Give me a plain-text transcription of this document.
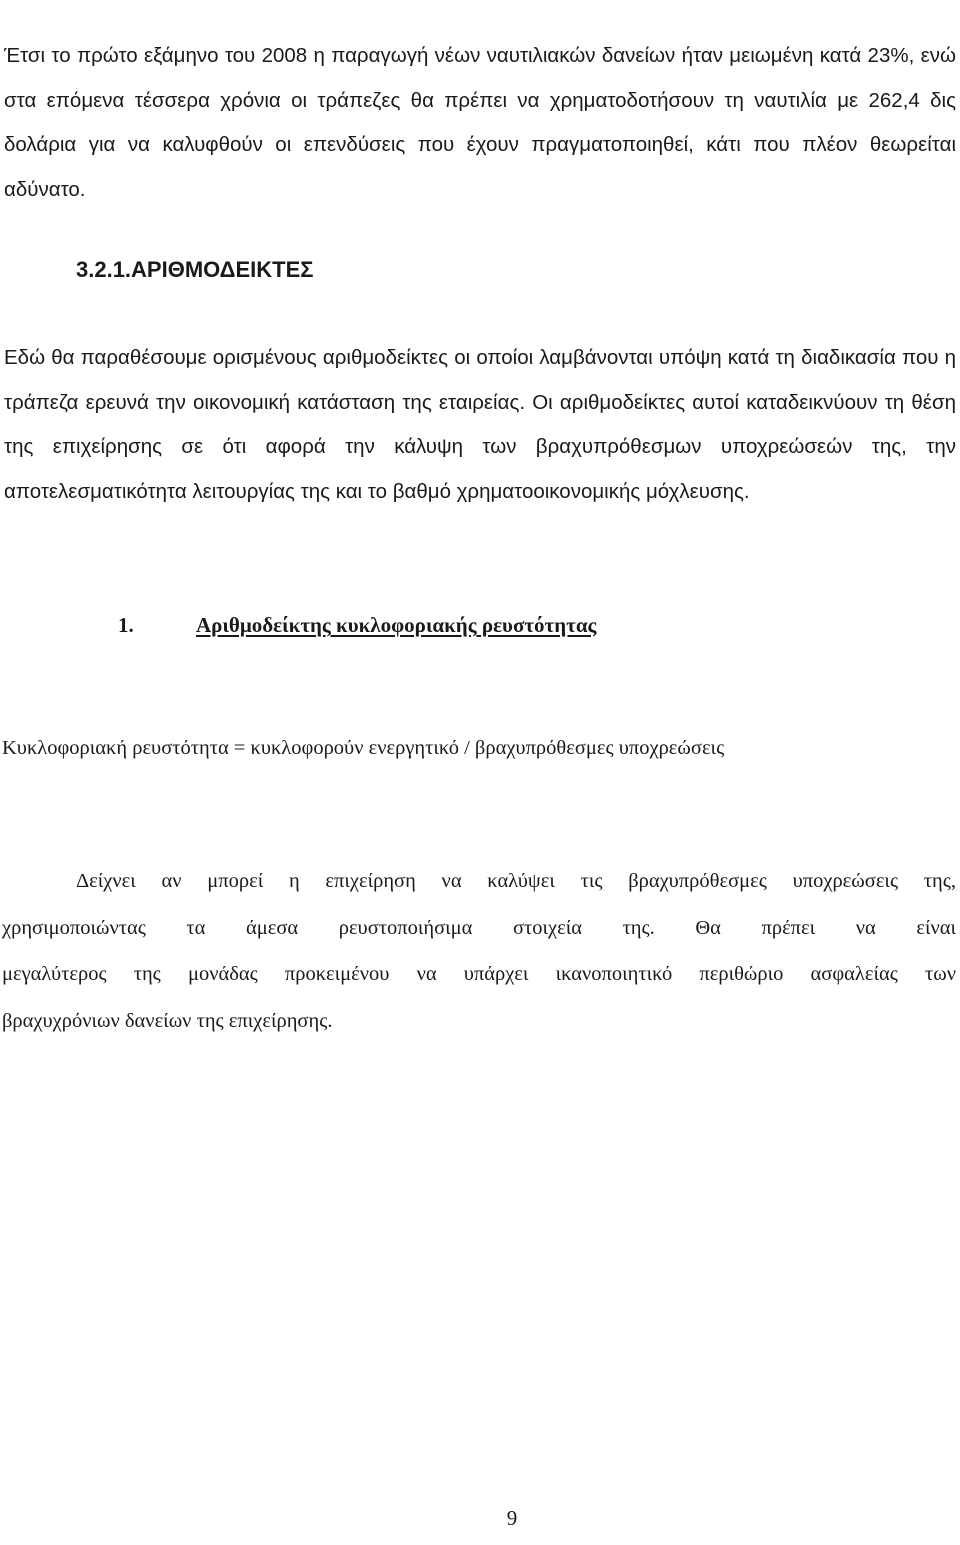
Έτσι το πρώτο εξάμηνο του 2008 η παραγωγή νέων ναυτιλιακών δανείων ήταν μειωμένη κατά 23%, ενώ στα επόμενα τέσσερα χρόνια οι τράπεζες θα πρέπει να χρηματοδοτήσουν τη ναυτιλία με 262,4 δις δολάρια για να καλυφθούν οι επενδύσεις που έχουν πραγματοποιηθεί, κάτι που πλέον θεωρείται αδύνατο.

3.2.1.ΑΡΙΘΜΟΔΕΙΚΤΕΣ

Εδώ θα παραθέσουμε ορισμένους αριθμοδείκτες οι οποίοι λαμβάνονται υπόψη κατά τη διαδικασία που η τράπεζα ερευνά την οικονομική κατάσταση της εταιρείας. Οι αριθμοδείκτες αυτοί καταδεικνύουν τη θέση της επιχείρησης σε ότι αφορά την κάλυψη των βραχυπρόθεσμων υποχρεώσεών της, την αποτελεσματικότητα λειτουργίας της και το βαθμό χρηματοοικονομικής μόχλευσης.

1.	Αριθμοδείκτης κυκλοφοριακής ρευστότητας
Κυκλοφοριακή ρευστότητα = κυκλοφορούν ενεργητικό / βραχυπρόθεσμες υποχρεώσεις
Δείχνει αν μπορεί η επιχείρηση να καλύψει τις βραχυπρόθεσμες υποχρεώσεις της,
χρησιμοποιώντας τα άμεσα ρευστοποιήσιμα στοιχεία της. Θα πρέπει να είναι
μεγαλύτερος της μονάδας προκειμένου να υπάρχει ικανοποιητικό περιθώριο ασφαλείας των
βραχυχρόνιων δανείων της επιχείρησης.
9
